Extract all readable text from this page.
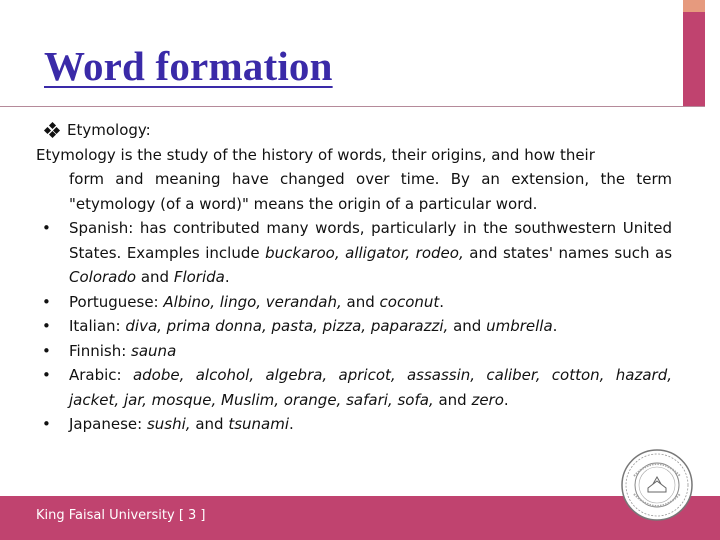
Word formation
Etymology:
Etymology is the study of the history of words, their origins, and how their
form and meaning have changed over time. By an extension, the term "etymology (of a word)" means the origin of a particular word.
• Spanish: has contributed many words, particularly in the southwestern United States. Examples include buckaroo, alligator, rodeo, and states' names such as Colorado and Florida.
• Portuguese: Albino, lingo, verandah, and coconut.
• Italian: diva, prima donna, pasta, pizza, paparazzi, and umbrella.
• Finnish: sauna
• Arabic: adobe, alcohol, algebra, apricot, assassin, caliber, cotton, hazard, jacket, jar, mosque, Muslim, orange, safari, sofa, and zero.
• Japanese: sushi, and tsunami.
King Faisal University [ 3 ]
